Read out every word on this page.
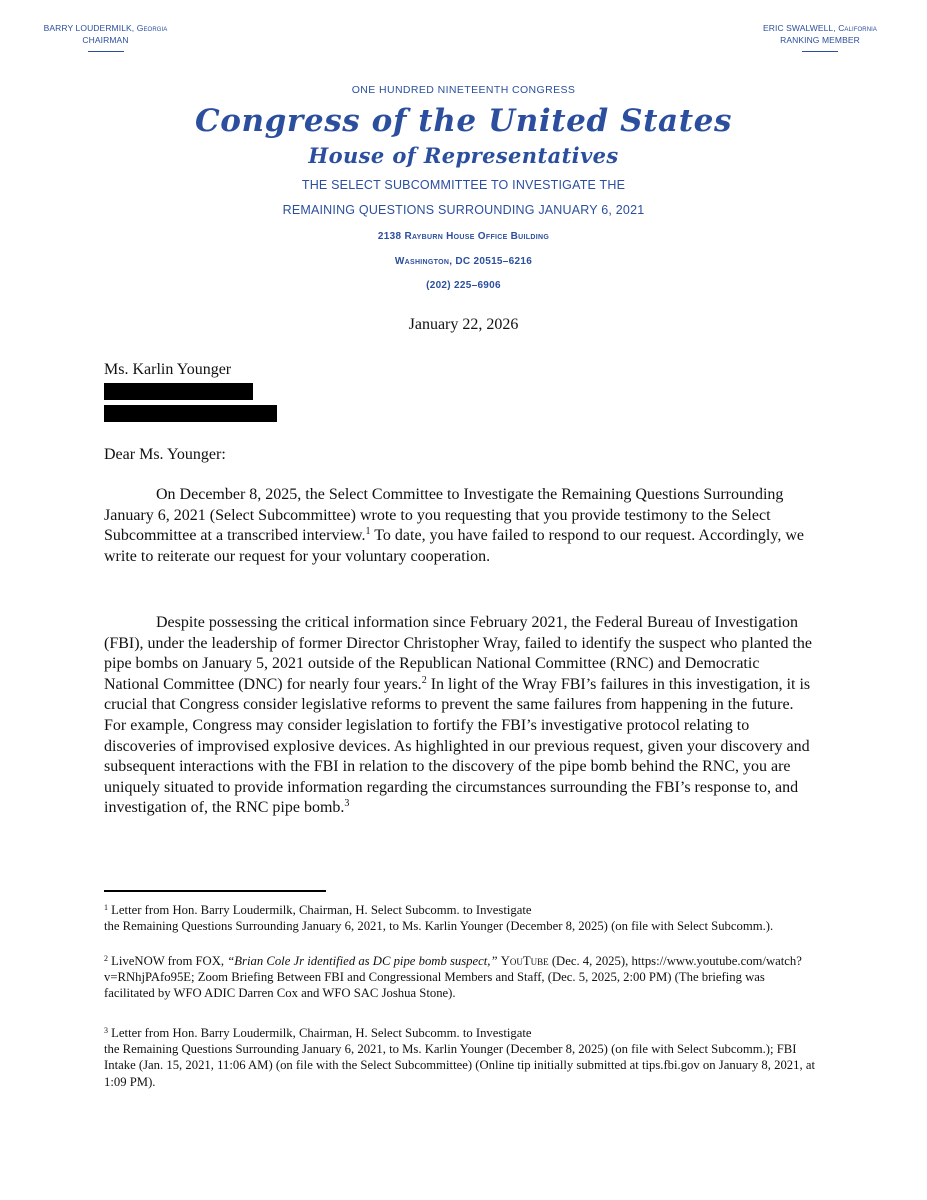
BARRY LOUDERMILK, Georgia
CHAIRMAN
ERIC SWALWELL, California
RANKING MEMBER
ONE HUNDRED NINETEENTH CONGRESS
Congress of the United States
House of Representatives
THE SELECT SUBCOMMITTEE TO INVESTIGATE THE
REMAINING QUESTIONS SURROUNDING JANUARY 6, 2021
2138 Rayburn House Office Building
Washington, DC 20515–6216
(202) 225–6906
January 22, 2026
Ms. Karlin Younger
Dear Ms. Younger:

On December 8, 2025, the Select Committee to Investigate the Remaining Questions Surrounding January 6, 2021 (Select Subcommittee) wrote to you requesting that you provide testimony to the Select Subcommittee at a transcribed interview.$^1$ To date, you have failed to respond to our request. Accordingly, we write to reiterate our request for your voluntary cooperation.

Despite possessing the critical information since February 2021, the Federal Bureau of Investigation (FBI), under the leadership of former Director Christopher Wray, failed to identify the suspect who planted the pipe bombs on January 5, 2021 outside of the Republican National Committee (RNC) and Democratic National Committee (DNC) for nearly four years.$^2$ In light of the Wray FBI’s failures in this investigation, it is crucial that Congress consider legislative reforms to prevent the same failures from happening in the future. For example, Congress may consider legislation to fortify the FBI’s investigative protocol relating to discoveries of improvised explosive devices. As highlighted in our previous request, given your discovery and subsequent interactions with the FBI in relation to the discovery of the pipe bomb behind the RNC, you are uniquely situated to provide information regarding the circumstances surrounding the FBI’s response to, and investigation of, the RNC pipe bomb.$^3$

$^1$ Letter from Hon. Barry Loudermilk, Chairman, H. Select Subcomm. to Investigate
the Remaining Questions Surrounding January 6, 2021, to Ms. Karlin Younger (December 8, 2025) (on file with Select Subcomm.).

$^2$ LiveNOW from FOX, “Brian Cole Jr identified as DC pipe bomb suspect,” YouTube (Dec. 4, 2025), https://www.youtube.com/watch?v=RNhjPAfo95E; Zoom Briefing Between FBI and Congressional Members and Staff, (Dec. 5, 2025, 2:00 PM) (The briefing was facilitated by WFO ADIC Darren Cox and WFO SAC Joshua Stone).

$^3$ Letter from Hon. Barry Loudermilk, Chairman, H. Select Subcomm. to Investigate
the Remaining Questions Surrounding January 6, 2021, to Ms. Karlin Younger (December 8, 2025) (on file with Select Subcomm.); FBI Intake (Jan. 15, 2021, 11:06 AM) (on file with the Select Subcommittee) (Online tip initially submitted at tips.fbi.gov on January 8, 2021, at 1:09 PM).
